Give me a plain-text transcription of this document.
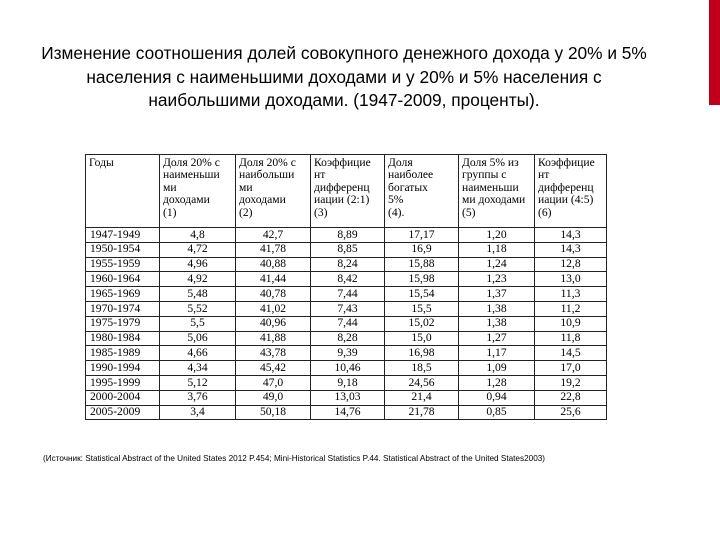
Изменение соотношения долей совокупного денежного дохода у 20% и 5% населения с наименьшими доходами и у 20% и 5% населения с наибольшими доходами. (1947-2009, проценты).
Годы	Доля 20% с
наименьши
ми
доходами
(1)	Доля 20% с
наибольши
ми
доходами
(2)	Коэффицие
нт
дифференц
иации (2:1)
(3)	Доля
наиболее
богатых
5%
(4).	Доля 5% из
группы с
наименьши
ми доходами
(5)	Коэффицие
нт
дифференц
иации (4:5)
(6)
1947-1949	4,8	42,7	8,89	17,17	1,20	14,3
1950-1954	4,72	41,78	8,85	16,9	1,18	14,3
1955-1959	4,96	40,88	8,24	15,88	1,24	12,8
1960-1964	4,92	41,44	8,42	15,98	1,23	13,0
1965-1969	5,48	40,78	7,44	15,54	1,37	11,3
1970-1974	5,52	41,02	7,43	15,5	1,38	11,2
1975-1979	5,5	40,96	7,44	15,02	1,38	10,9
1980-1984	5,06	41,88	8,28	15,0	1,27	11,8
1985-1989	4,66	43,78	9,39	16,98	1,17	14,5
1990-1994	4,34	45,42	10,46	18,5	1,09	17,0
1995-1999	5,12	47,0	9,18	24,56	1,28	19,2
2000-2004	3,76	49,0	13,03	21,4	0,94	22,8
2005-2009	3,4	50,18	14,76	21,78	0,85	25,6
(Источник: Statistical Abstract of the United States 2012 P.454; Mini-Historical Statistics P.44. Statistical Abstract of the United States2003)
